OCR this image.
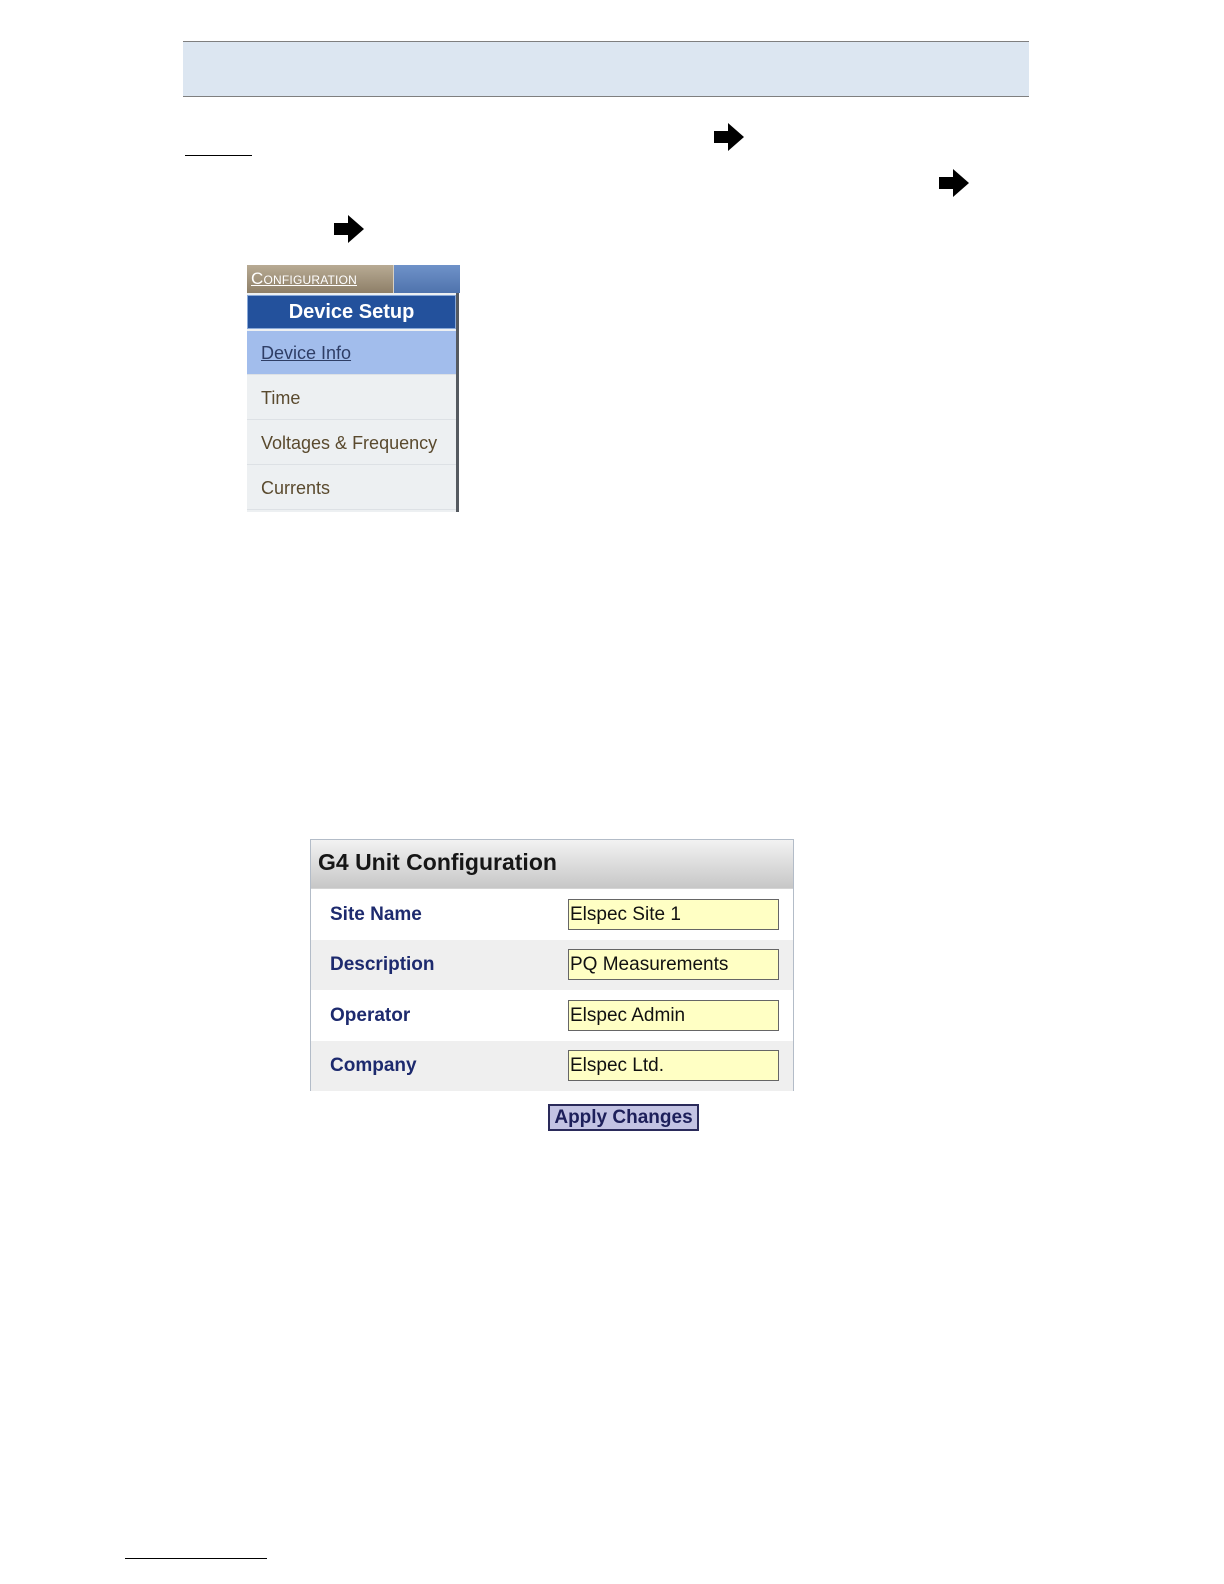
Configuration
Device Setup
Device Info
Time
Voltages & Frequency
Currents
G4 Unit Configuration
Site Name
Elspec Site 1
Description
PQ Measurements
Operator
Elspec Admin
Company
Elspec Ltd.
Apply Changes
